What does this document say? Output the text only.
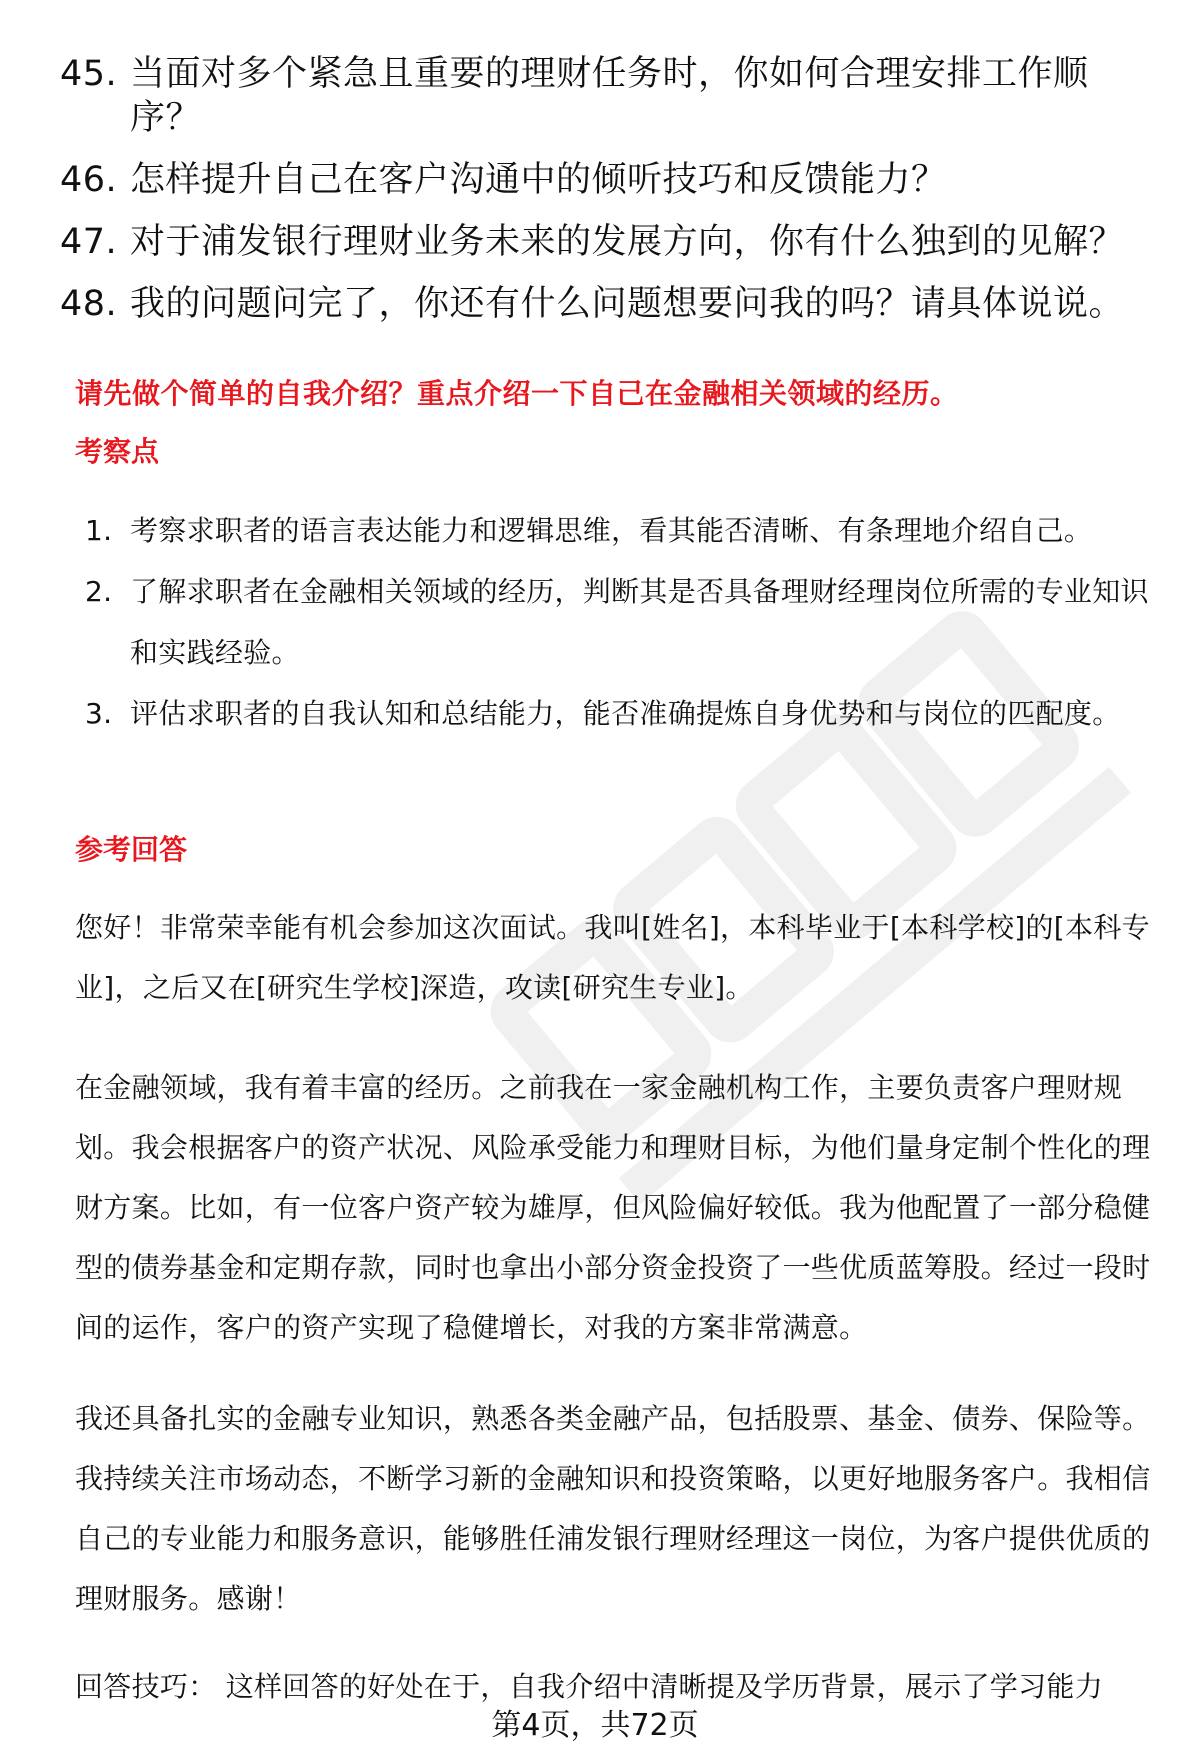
45. 当面对多个紧急且重要的理财任务时，你如何合理安排工作顺序？
46. 怎样提升自己在客户沟通中的倾听技巧和反馈能力？
47. 对于浦发银行理财业务未来的发展方向，你有什么独到的见解？
48. 我的问题问完了，你还有什么问题想要问我的吗？请具体说说。
请先做个简单的自我介绍？重点介绍一下自己在金融相关领域的经历。
考察点
1. 考察求职者的语言表达能力和逻辑思维，看其能否清晰、有条理地介绍自己。
2. 了解求职者在金融相关领域的经历，判断其是否具备理财经理岗位所需的专业知识和实践经验。
3. 评估求职者的自我认知和总结能力，能否准确提炼自身优势和与岗位的匹配度。
参考回答
您好！非常荣幸能有机会参加这次面试。我叫[姓名]，本科毕业于[本科学校]的[本科专业]，之后又在[研究生学校]深造，攻读[研究生专业]。
在金融领域，我有着丰富的经历。之前我在一家金融机构工作，主要负责客户理财规划。我会根据客户的资产状况、风险承受能力和理财目标，为他们量身定制个性化的理财方案。比如，有一位客户资产较为雄厚，但风险偏好较低。我为他配置了一部分稳健型的债券基金和定期存款，同时也拿出小部分资金投资了一些优质蓝筹股。经过一段时间的运作，客户的资产实现了稳健增长，对我的方案非常满意。
我还具备扎实的金融专业知识，熟悉各类金融产品，包括股票、基金、债券、保险等。我持续关注市场动态，不断学习新的金融知识和投资策略，以更好地服务客户。我相信自己的专业能力和服务意识，能够胜任浦发银行理财经理这一岗位，为客户提供优质的理财服务。感谢！
回答技巧： 这样回答的好处在于，自我介绍中清晰提及学历背景，展示了学习能力
第4页，共72页
